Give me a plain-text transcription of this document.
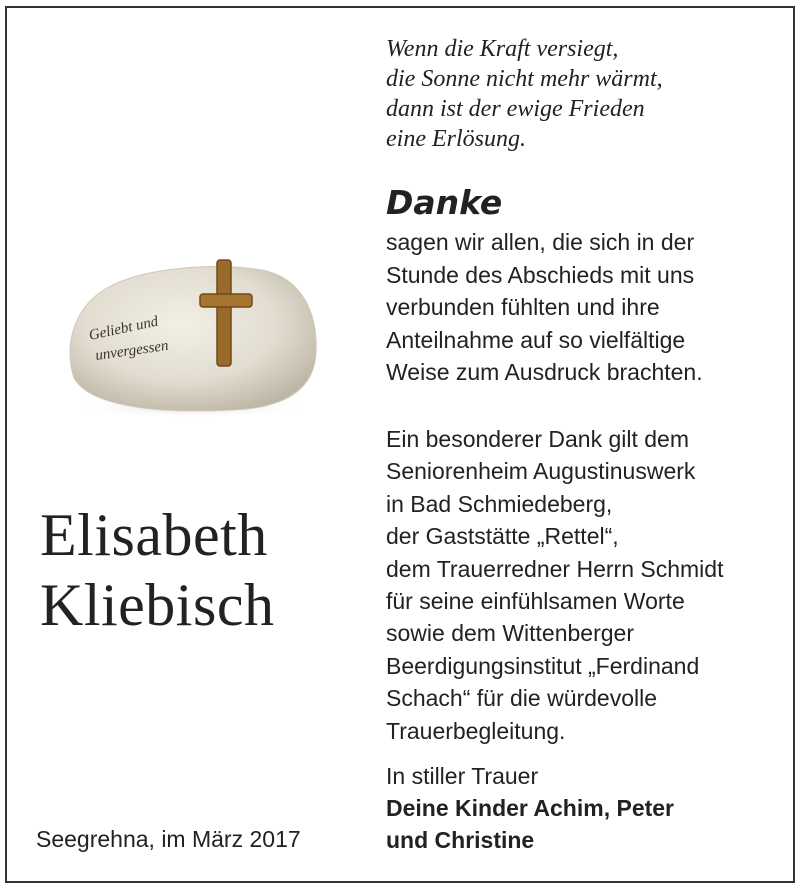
Geliebt und
unvergessen
Wenn die Kraft versiegt,
die Sonne nicht mehr wärmt,
dann ist der ewige Frieden
eine Erlösung.
Danke
sagen wir allen, die sich in der
Stunde des Abschieds mit uns
verbunden fühlten und ihre
Anteilnahme auf so vielfältige
Weise zum Ausdruck brachten.
Ein besonderer Dank gilt dem
Seniorenheim Augustinuswerk
in Bad Schmiedeberg,
der Gaststätte „Rettel“,
dem Trauerredner Herrn Schmidt
für seine einfühlsamen Worte
sowie dem Wittenberger
Beerdigungsinstitut „Ferdinand
Schach“ für die würdevolle
Trauerbegleitung.
In stiller Trauer
Deine Kinder Achim, Peter
und Christine
Elisabeth
Kliebisch
Seegrehna, im März 2017
